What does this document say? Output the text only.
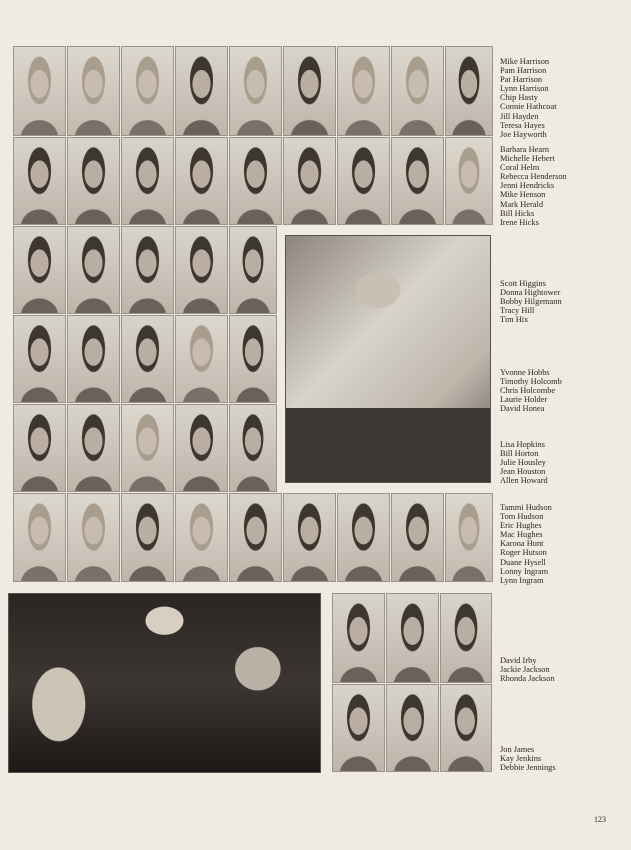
Mike Harrison
Pam Harrison
Pat Harrison
Lynn Harrison
Chip Hasty
Connie Hathcoat
Jill Hayden
Teresa Hayes
Joe Hayworth
Barbara Hearn
Michelle Hebert
Coral Helm
Rebecca Henderson
Jenni Hendricks
Mike Henson
Mark Herald
Bill Hicks
Irene Hicks
Scott Higgins
Donna Hightower
Bobby Hilgemann
Tracy Hill
Tim Hix
Yvonne Hobbs
Timothy Holcomb
Chris Holcombe
Laurie Holder
David Honea
Lisa Hopkins
Bill Horton
Julie Housley
Jean Houston
Allen Howard
Tammi Hudson
Tom Hudson
Eric Hughes
Mac Hughes
Karona Hunt
Roger Hutson
Duane Hysell
Lonny Ingram
Lynn Ingram
David Irby
Jackie Jackson
Rhonda Jackson
Jon James
Kay Jenkins
Debbie Jennings
123
